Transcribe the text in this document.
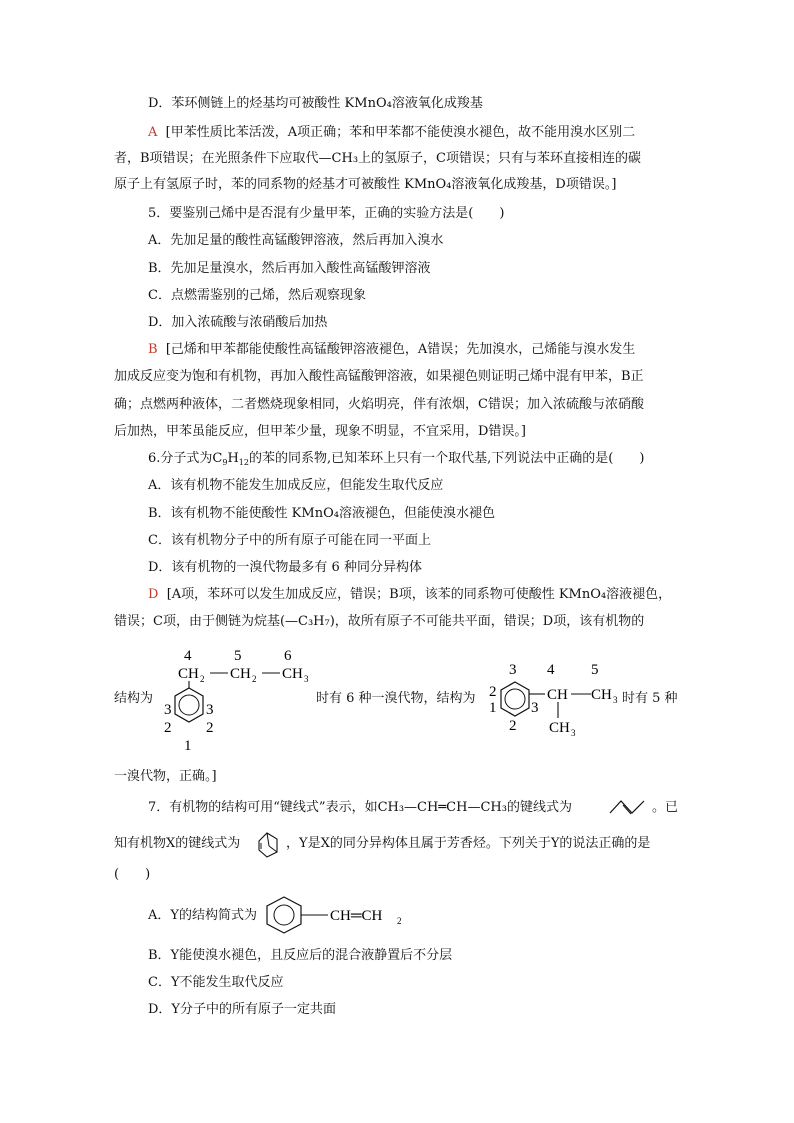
D．苯环侧链上的烃基均可被酸性 KMnO₄溶液氧化成羧基
A [甲苯性质比苯活泼，A项正确；苯和甲苯都不能使溴水褪色，故不能用溴水区别二
者，B项错误；在光照条件下应取代—CH₃上的氢原子，C项错误；只有与苯环直接相连的碳
原子上有氢原子时，苯的同系物的烃基才可被酸性 KMnO₄溶液氧化成羧基，D项错误。]
5．要鉴别己烯中是否混有少量甲苯，正确的实验方法是(　　)
A．先加足量的酸性高锰酸钾溶液，然后再加入溴水
B．先加足量溴水，然后再加入酸性高锰酸钾溶液
C．点燃需鉴别的己烯，然后观察现象
D．加入浓硫酸与浓硝酸后加热
B [己烯和甲苯都能使酸性高锰酸钾溶液褪色，A错误；先加溴水，己烯能与溴水发生
加成反应变为饱和有机物，再加入酸性高锰酸钾溶液，如果褪色则证明己烯中混有甲苯，B正
确；点燃两种液体，二者燃烧现象相同，火焰明亮，伴有浓烟，C错误；加入浓硫酸与浓硝酸
后加热，甲苯虽能反应，但甲苯少量，现象不明显，不宜采用，D错误。]
6.分子式为$C_9H_{12}$的苯的同系物,已知苯环上只有一个取代基,下列说法中正确的是(　　)
A．该有机物不能发生加成反应，但能发生取代反应
B．该有机物不能使酸性 KMnO₄溶液褪色，但能使溴水褪色
C．该有机物分子中的所有原子可能在同一平面上
D．该有机物的一溴代物最多有 6 种同分异构体
D [A项，苯环可以发生加成反应，错误；B项，该苯的同系物可使酸性 KMnO₄溶液褪色，
错误；C项，由于侧链为烷基(—C₃H₇)，故所有原子不可能共平面，错误；D项，该有机物的
4	5	6
CH 2 CH 2 CH 3
3 3
2 2
1
结构为	时有 6 种一溴代物，结构为
3 4 5
2
1 3
2
CH CH 3
CH 3
时有 5 种
一溴代物，正确。]
7．有机物的结构可用“键线式”表示，如CH₃—CH═CH—CH₃的键线式为	。已
知有机物X的键线式为	，Y是X的同分异构体且属于芳香烃。下列关于Y的说法正确的是
(　　)
A．Y的结构简式为	CH═CH 2
B．Y能使溴水褪色，且反应后的混合液静置后不分层
C．Y不能发生取代反应
D．Y分子中的所有原子一定共面
